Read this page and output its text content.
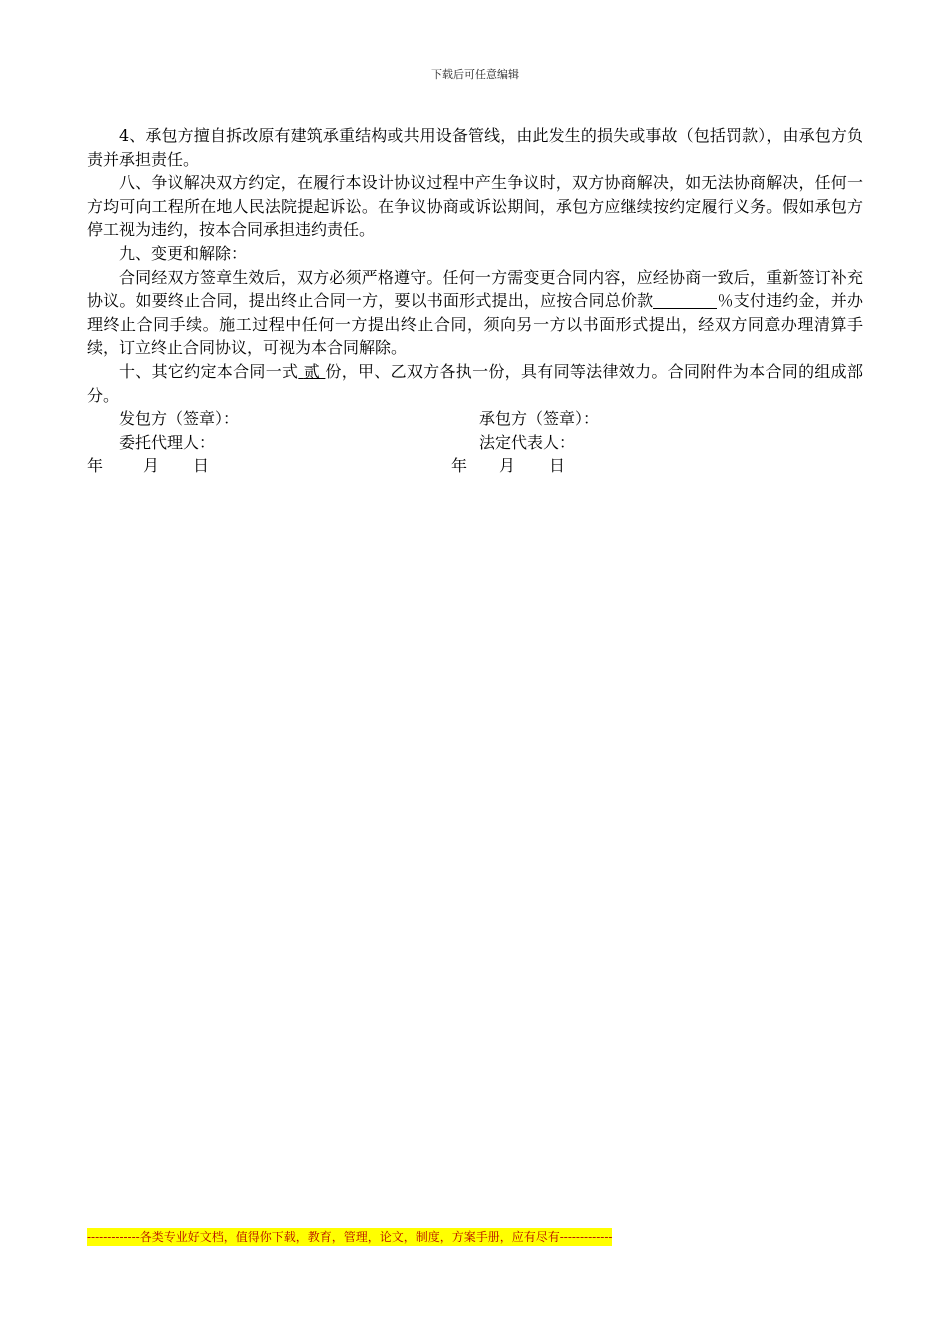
下载后可任意编辑

4、承包方擅自拆改原有建筑承重结构或共用设备管线，由此发生的损失或事故（包括罚款），由承包方负责并承担责任。

八、争议解决双方约定，在履行本设计协议过程中产生争议时，双方协商解决，如无法协商解决，任何一方均可向工程所在地人民法院提起诉讼。在争议协商或诉讼期间，承包方应继续按约定履行义务。假如承包方停工视为违约，按本合同承担违约责任。

九、变更和解除：

合同经双方签章生效后，双方必须严格遵守。任何一方需变更合同内容，应经协商一致后，重新签订补充协议。如要终止合同，提出终止合同一方，要以书面形式提出，应按合同总价款	％支付违约金，并办理终止合同手续。施工过程中任何一方提出终止合同，须向另一方以书面形式提出，经双方同意办理清算手续，订立终止合同协议，可视为本合同解除。

十、其它约定本合同一式 贰 份，甲、乙双方各执一份，具有同等法律效力。合同附件为本合同的组成部分。

发包方（签章）：	承包方（签章）：
委托代理人：	法定代表人：
年 月 日	年 月 日
-------------各类专业好文档，值得你下载，教育，管理，论文，制度，方案手册，应有尽有-------------
